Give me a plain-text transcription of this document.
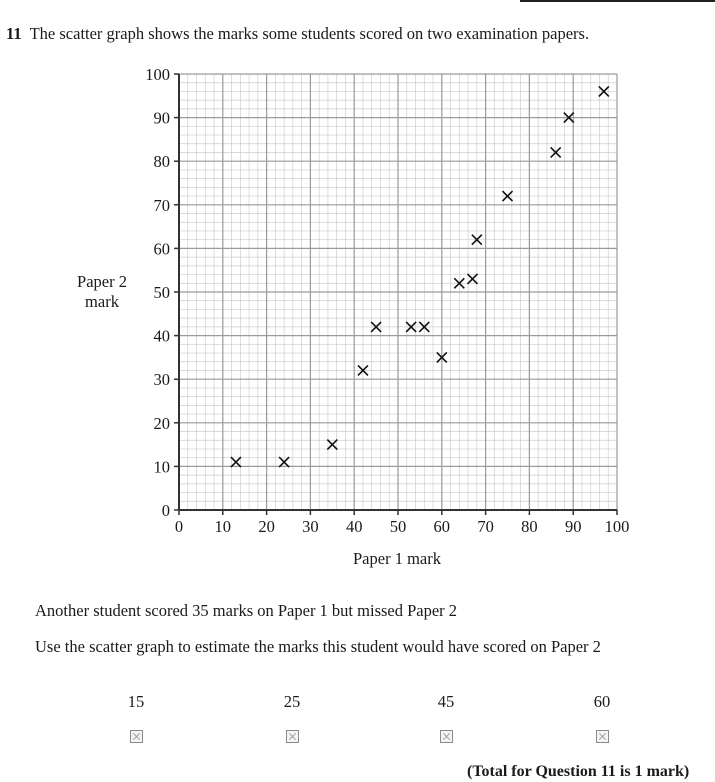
11 The scatter graph shows the marks some students scored on two examination papers.
0 10 20 30 40 50 60 70 80 90 100
0
10
20
30
40
50
60
70
80
90
100
Paper 2
mark
Paper 1 mark
Another student scored 35 marks on Paper 1 but missed Paper 2
Use the scatter graph to estimate the marks this student would have scored on Paper 2
15	25	45	60
(Total for Question 11 is 1 mark)
